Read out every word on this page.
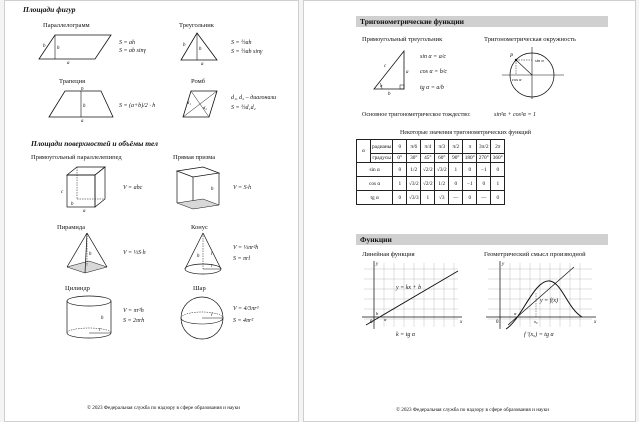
Площади фигур
Параллелограмм
h
a
b
S = ah
S = ab sinγ
Треугольник
h
a
b	S = ½ah
S = ½ab sinγ
Трапеция
h
a
b
S = (a+b)/2 · h
Ромб
d₁
d₂
d₁, d₂ – диагонали
S = ½d₁d₂
Площади поверхностей и объёмы тел
Прямоугольный параллелепипед
c
b
a
V = abc
Прямая призма
h	V = S·h
Пирамида
h	V = ⅓S·h
Конус
h l
r
V = ⅓πr²h
S = πrl
Цилиндр
h
r
V = πr²h
S = 2πrh
Шар
r
V = 4/3πr³
S = 4πr²
© 2023 Федеральная служба по надзору в сфере образования и науки
Тригонометрические функции
Прямоугольный треугольник
c
a
b
α
sin α = a/c
cos α = b/c
tg α = a/b
Тригонометрическая окружность
P
sin α
cos α
Основное тригонометрическое тождество:	sin²α + cos²α = 1
Некоторые значения тригонометрических функций
α	радианы	0	π/6	π/4	π/3	π/2	π	3π/2	2π
	градусы	0°	30°	45°	60°	90°	180°	270°	360°
sin α		0	1/2	√2/2	√3/2	1	0	−1	0
cos α		1	√3/2	√2/2	1/2	0	−1	0	1
tg α		0	√3/3	1	√3	—	0	—	0
Функции
Линейная функция
y
x
0
b
α
y = kx + b
k = tg α
Геометрический смысл производной
y
x
0	x₀
α
y = f(x)
f ′(x₀) = tg α
© 2023 Федеральная служба по надзору в сфере образования и науки
